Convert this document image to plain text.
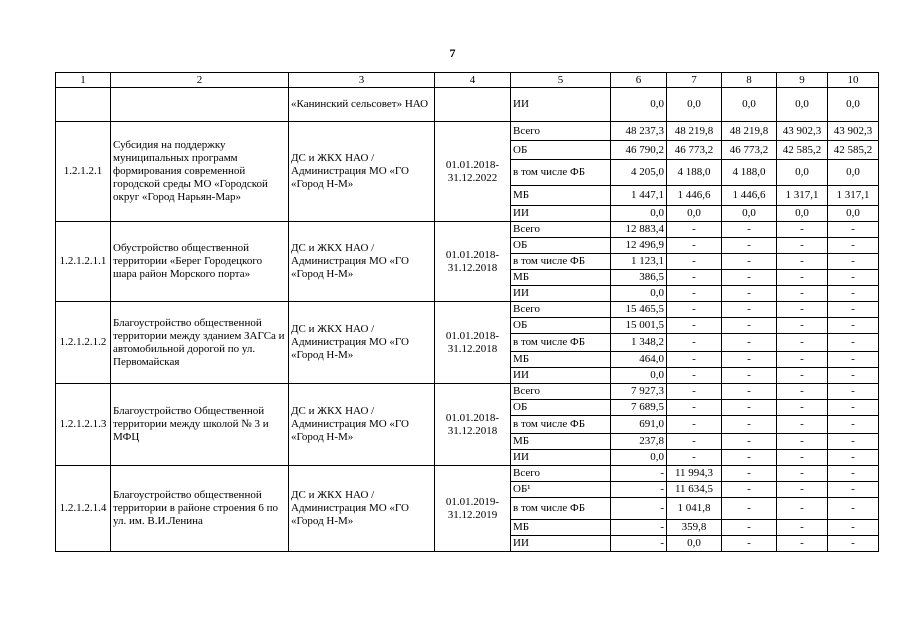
7
1	2	3	4	5	6	7	8	9	10
		«Канинский сельсовет» НАО		ИИ	0,0	0,0	0,0	0,0	0,0
1.2.1.2.1	Субсидия на поддержку муниципальных программ формирования современной городской среды МО «Городской округ «Город Нарьян-Мар»	ДС и ЖКХ НАО / Администрация МО «ГО «Город Н-М»	01.01.2018-31.12.2022	Всего	48 237,3	48 219,8	48 219,8	43 902,3	43 902,3
				ОБ	46 790,2	46 773,2	46 773,2	42 585,2	42 585,2
				в том числе ФБ	4 205,0	4 188,0	4 188,0	0,0	0,0
				МБ	1 447,1	1 446,6	1 446,6	1 317,1	1 317,1
				ИИ	0,0	0,0	0,0	0,0	0,0
1.2.1.2.1.1	Обустройство общественной территории «Берег Городецкого шара район Морского порта»	ДС и ЖКХ НАО / Администрация МО «ГО «Город Н-М»	01.01.2018-31.12.2018	Всего	12 883,4	-	-	-	-
				ОБ	12 496,9	-	-	-	-
				в том числе ФБ	1 123,1	-	-	-	-
				МБ	386,5	-	-	-	-
				ИИ	0,0	-	-	-	-
1.2.1.2.1.2	Благоустройство общественной территории между зданием ЗАГСа и автомобильной дорогой по ул. Первомайская	ДС и ЖКХ НАО / Администрация МО «ГО «Город Н-М»	01.01.2018-31.12.2018	Всего	15 465,5	-	-	-	-
				ОБ	15 001,5	-	-	-	-
				в том числе ФБ	1 348,2	-	-	-	-
				МБ	464,0	-	-	-	-
				ИИ	0,0	-	-	-	-
1.2.1.2.1.3	Благоустройство Общественной территории между школой № 3 и МФЦ	ДС и ЖКХ НАО / Администрация МО «ГО «Город Н-М»	01.01.2018-31.12.2018	Всего	7 927,3	-	-	-	-
				ОБ	7 689,5	-	-	-	-
				в том числе ФБ	691,0	-	-	-	-
				МБ	237,8	-	-	-	-
				ИИ	0,0	-	-	-	-
1.2.1.2.1.4	Благоустройство общественной территории в районе строения 6 по ул. им. В.И.Ленина	ДС и ЖКХ НАО / Администрация МО «ГО «Город Н-М»	01.01.2019-31.12.2019	Всего	-	11 994,3	-	-	-
				ОБ¹	-	11 634,5	-	-	-
				в том числе ФБ	-	1 041,8	-	-	-
				МБ	-	359,8	-	-	-
				ИИ	-	0,0	-	-	-
